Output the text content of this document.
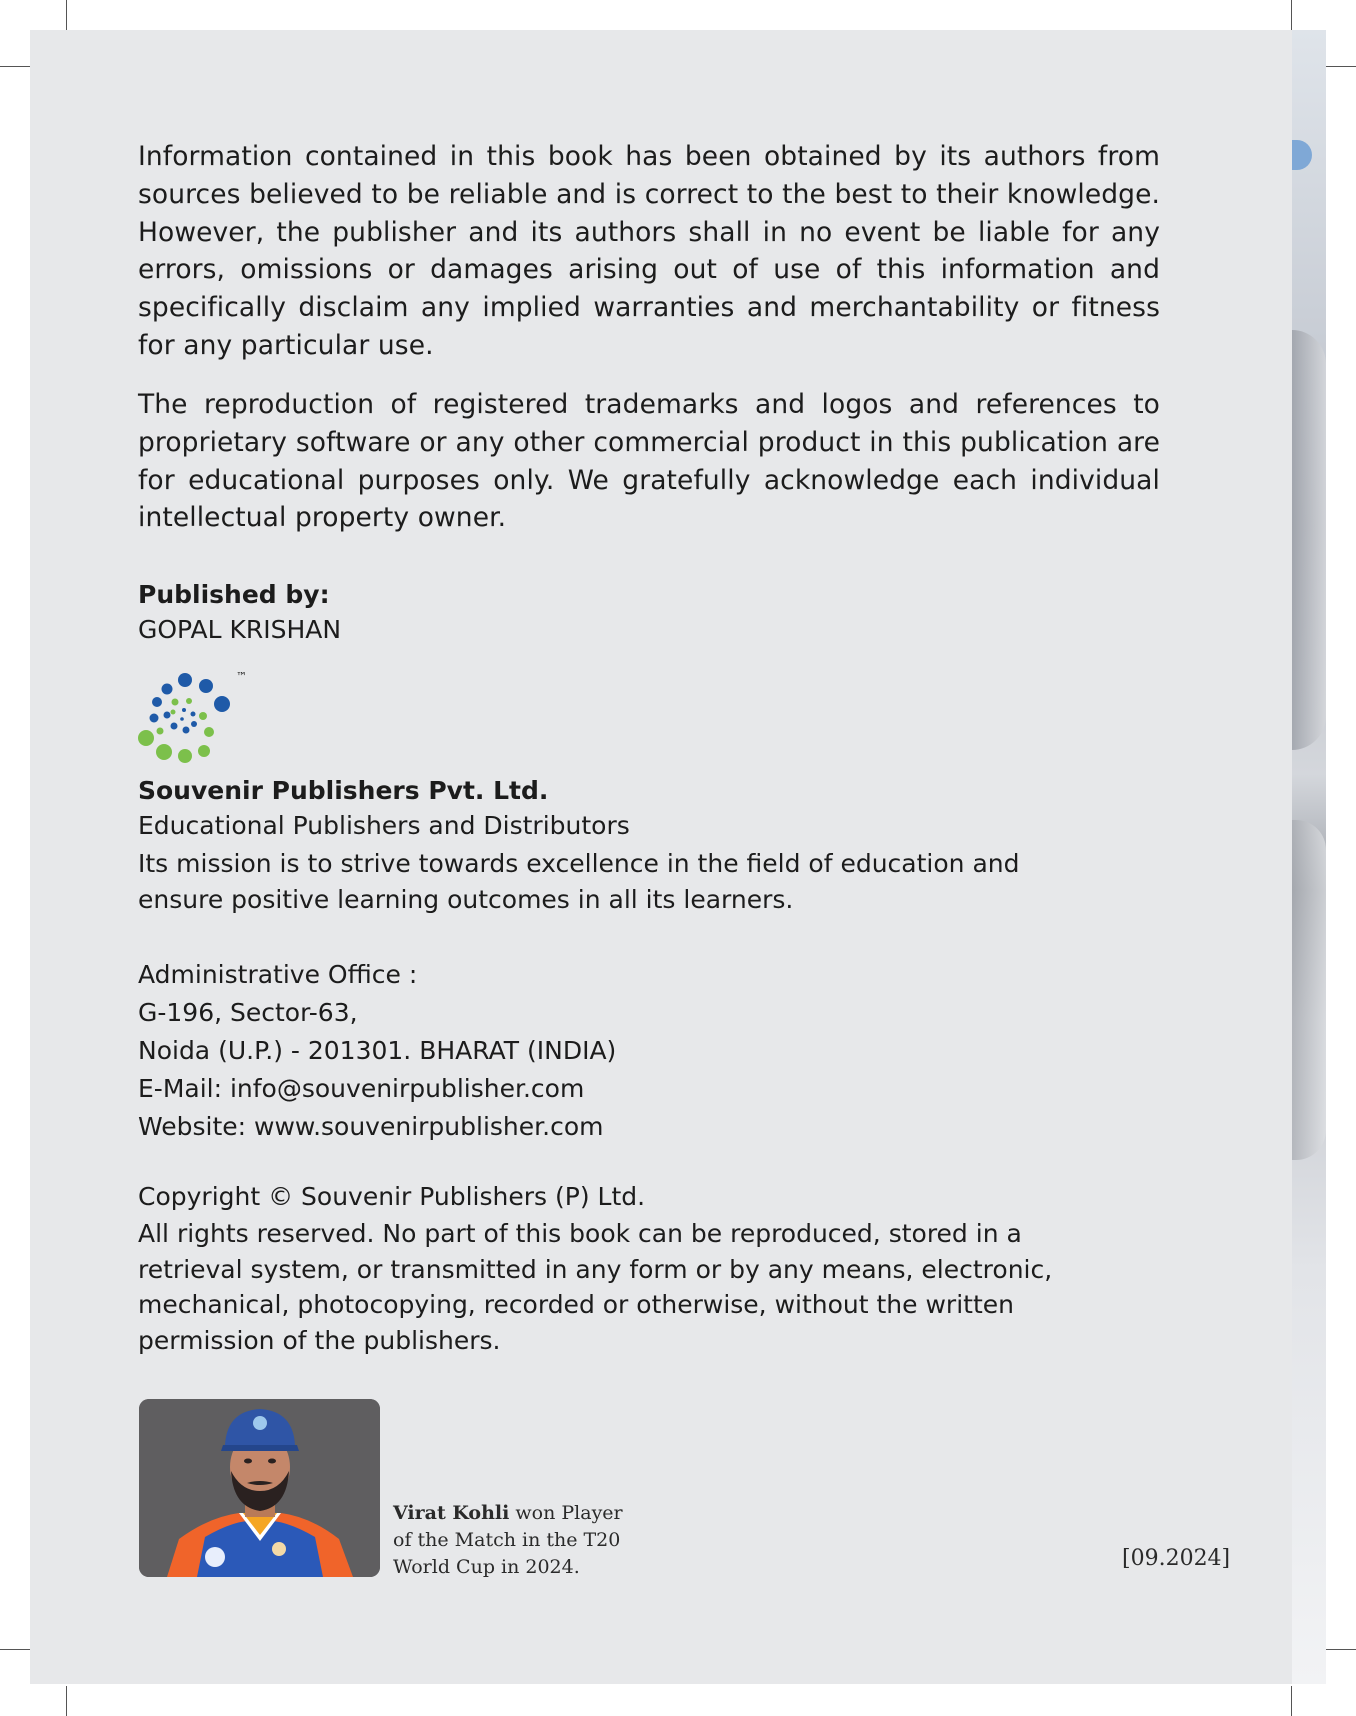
Information contained in this book has been obtained by its authors from sources believed to be reliable and is correct to the best to their knowledge. However, the publisher and its authors shall in no event be liable for any errors, omissions or damages arising out of use of this information and specifically disclaim any implied warranties and merchantability or fitness for any particular use.

The reproduction of registered trademarks and logos and references to proprietary software or any other commercial product in this publication are for educational purposes only. We gratefully acknowledge each individual intellectual property owner.

Published by:

GOPAL KRISHAN

™

Souvenir Publishers Pvt. Ltd.

Educational Publishers and Distributors

Its mission is to strive towards excellence in the field of education and ensure positive learning outcomes in all its learners.

Administrative Office :

G-196, Sector-63,

Noida (U.P.) - 201301. BHARAT (INDIA)

E-Mail: info@souvenirpublisher.com

Website: www.souvenirpublisher.com

Copyright © Souvenir Publishers (P) Ltd.

All rights reserved. No part of this book can be reproduced, stored in a retrieval system, or transmitted in any form or by any means, electronic, mechanical, photocopying, recorded or otherwise, without the written permission of the publishers.

Virat Kohli won Player of the Match in the T20 World Cup in 2024.	[09.2024]
